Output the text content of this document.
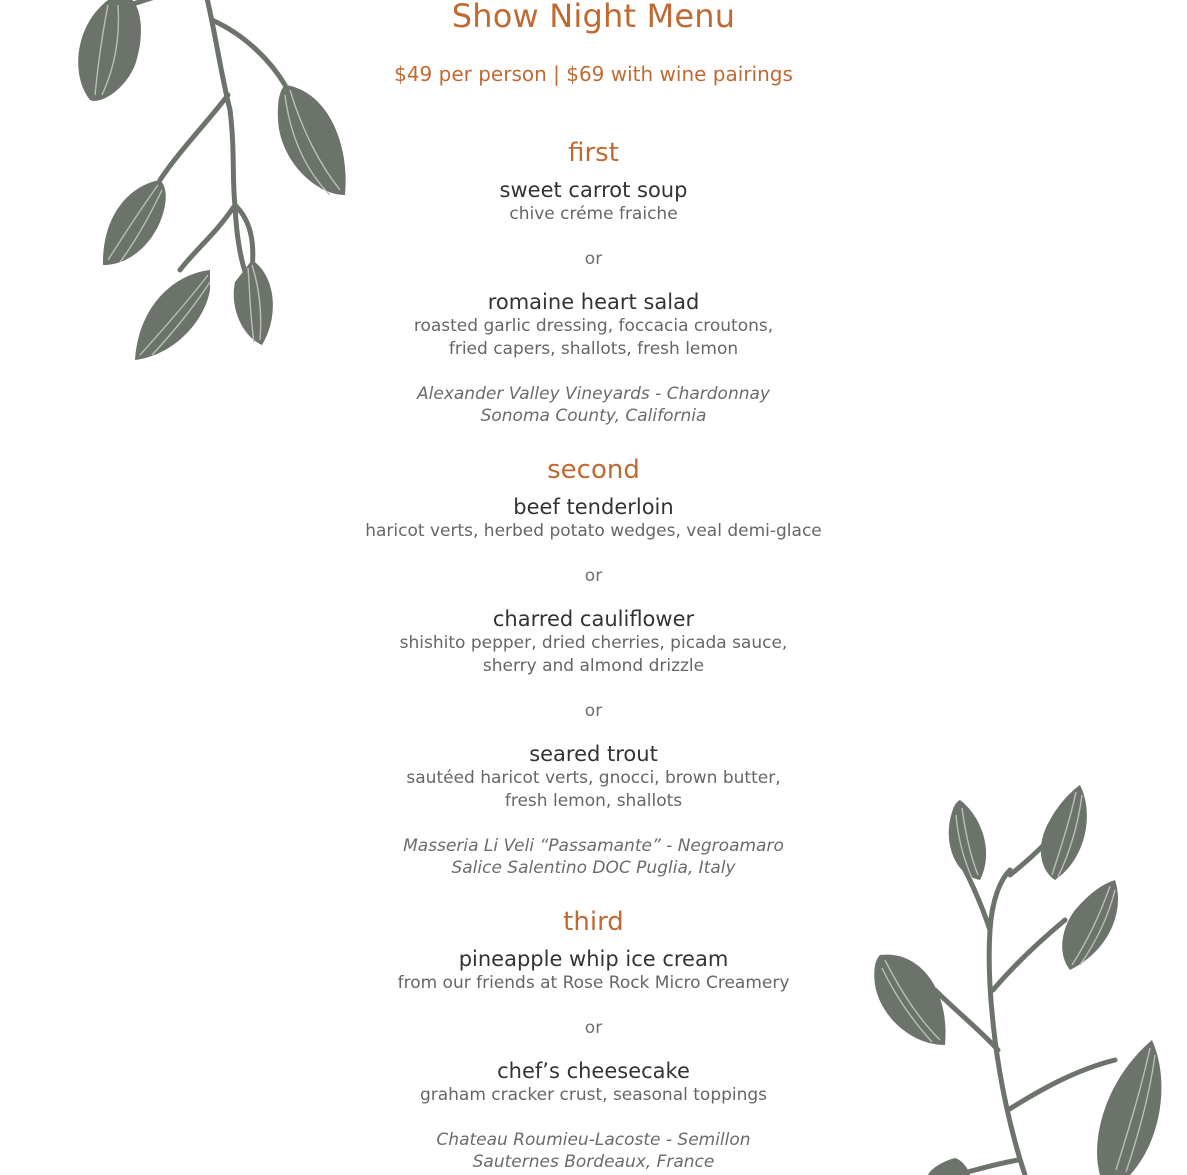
Show Night Menu
$49 per person | $69 with wine pairings
first
sweet carrot soup
chive créme fraiche
or
romaine heart salad
roasted garlic dressing, foccacia croutons,
fried capers, shallots, fresh lemon
Alexander Valley Vineyards - Chardonnay
Sonoma County, California
second
beef tenderloin
haricot verts, herbed potato wedges, veal demi-glace
or
charred cauliflower
shishito pepper, dried cherries, picada sauce,
sherry and almond drizzle
or
seared trout
sautéed haricot verts, gnocci, brown butter,
fresh lemon, shallots
Masseria Li Veli “Passamante” - Negroamaro
Salice Salentino DOC Puglia, Italy
third
pineapple whip ice cream
from our friends at Rose Rock Micro Creamery
or
chef’s cheesecake
graham cracker crust, seasonal toppings
Chateau Roumieu-Lacoste - Semillon
Sauternes Bordeaux, France
